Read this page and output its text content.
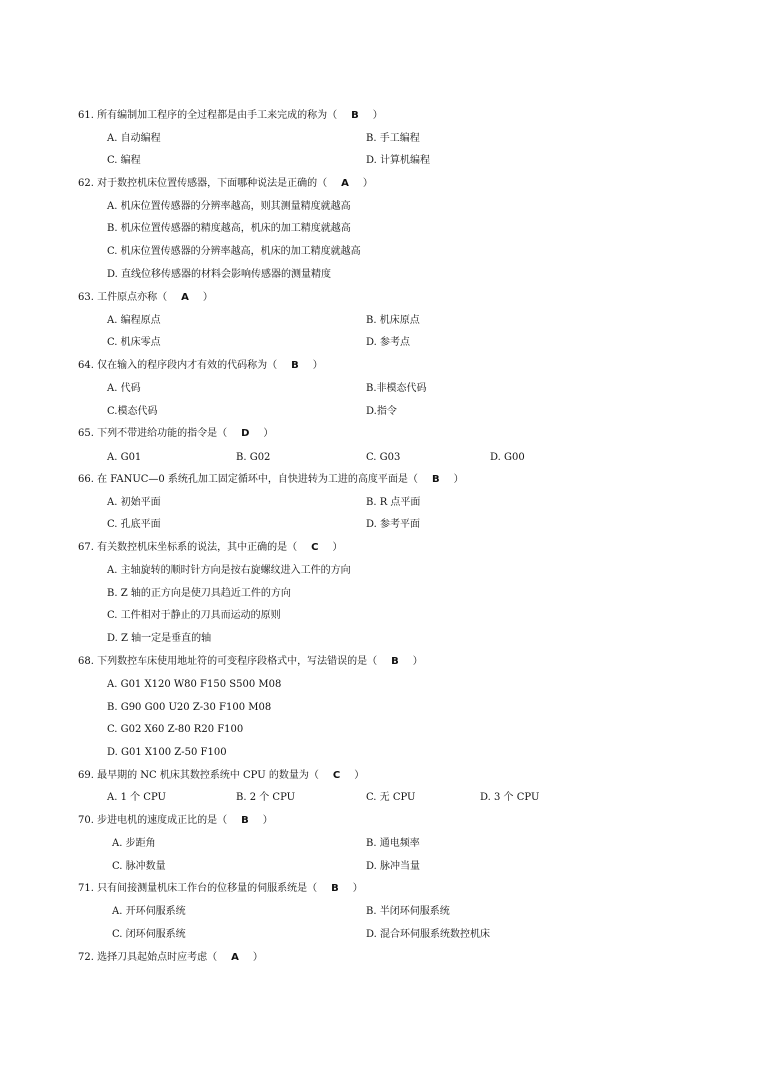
61. 所有编制加工程序的全过程都是由手工来完成的称为（ B ）
A. 自动编程	B. 手工编程
C. 编程	D. 计算机编程
62. 对于数控机床位置传感器，下面哪种说法是正确的（ A ）
A. 机床位置传感器的分辨率越高，则其测量精度就越高
B. 机床位置传感器的精度越高，机床的加工精度就越高
C. 机床位置传感器的分辨率越高，机床的加工精度就越高
D. 直线位移传感器的材料会影响传感器的测量精度
63. 工件原点亦称（ A ）
A. 编程原点	B. 机床原点
C. 机床零点	D. 参考点
64. 仅在输入的程序段内才有效的代码称为（ B ）
A. 代码	B.非模态代码
C.模态代码	D.指令
65. 下列不带进给功能的指令是（ D ）
A. G01	B. G02	C. G03	D. G00
66. 在 FANUC—0 系统孔加工固定循环中，自快进转为工进的高度平面是（ B ）
A. 初始平面	B. R 点平面
C. 孔底平面	D. 参考平面
67. 有关数控机床坐标系的说法，其中正确的是（ C ）
A. 主轴旋转的顺时针方向是按右旋螺纹进入工件的方向
B. Z 轴的正方向是使刀具趋近工件的方向
C. 工件相对于静止的刀具而运动的原则
D. Z 轴一定是垂直的轴
68. 下列数控车床使用地址符的可变程序段格式中，写法错误的是（ B ）
A. G01 X120 W80 F150 S500 M08
B. G90 G00 U20 Z-30 F100 M08
C. G02 X60 Z-80 R20 F100
D. G01 X100 Z-50 F100
69. 最早期的 NC 机床其数控系统中 CPU 的数量为（ C ）
A. 1 个 CPU	B. 2 个 CPU	C. 无 CPU	D. 3 个 CPU
70. 步进电机的速度成正比的是（ B ）
A. 步距角	B. 通电频率
C. 脉冲数量	D. 脉冲当量
71. 只有间接测量机床工作台的位移量的伺服系统是（ B ）
A. 开环伺服系统	B. 半闭环伺服系统
C. 闭环伺服系统	D. 混合环伺服系统数控机床
72. 选择刀具起始点时应考虑（ A ）
